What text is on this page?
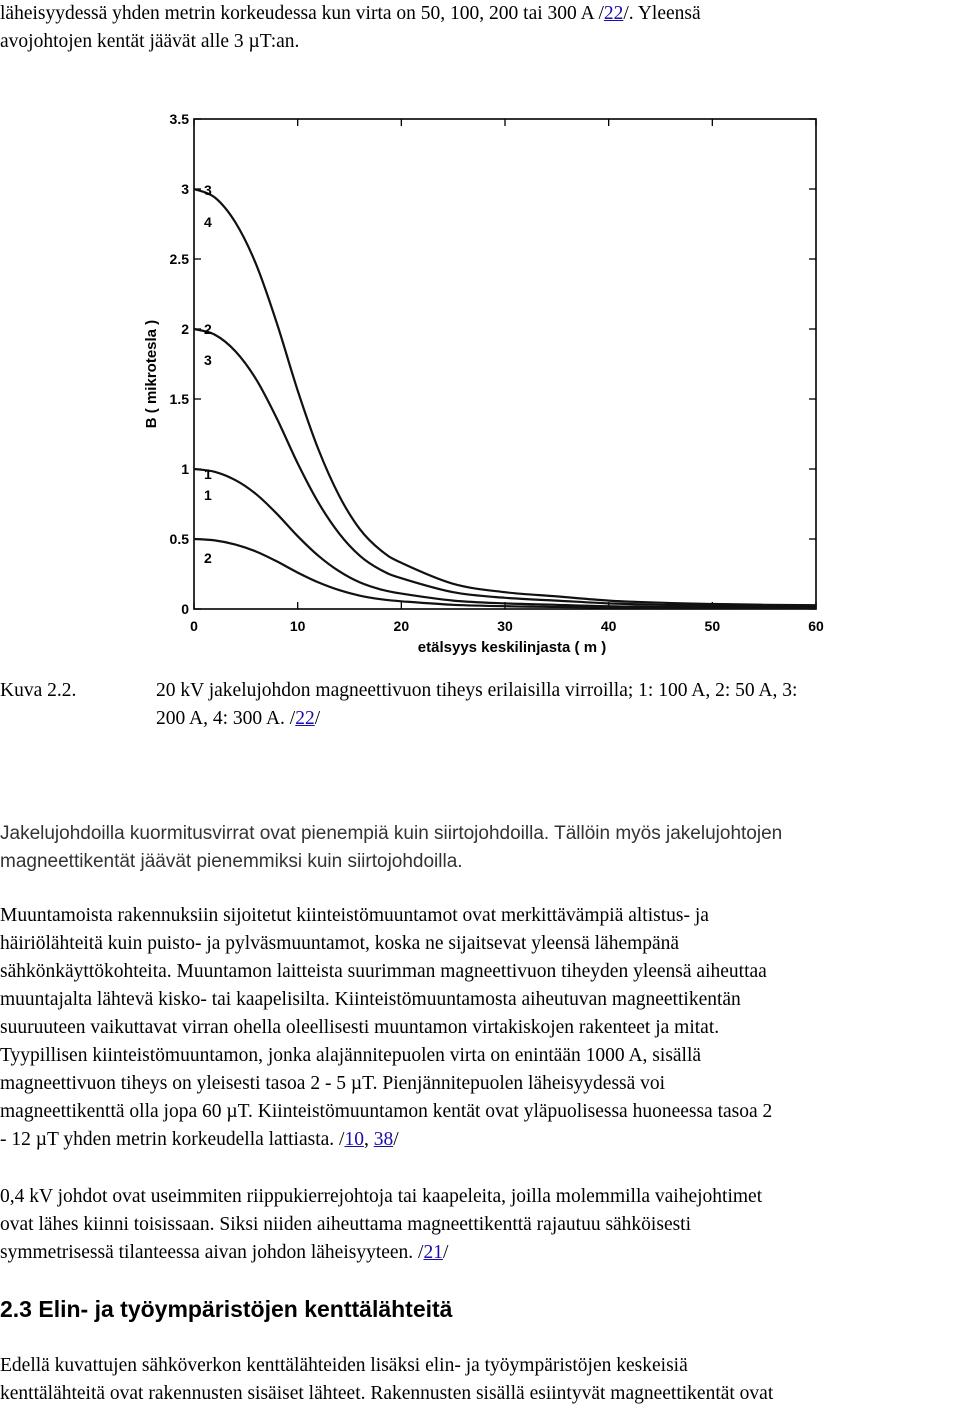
läheisyydessä yhden metrin korkeudessa kun virta on 50, 100, 200 tai 300 A /22/. Yleensä
avojohtojen kentät jäävät alle 3 µT:an.
0
0.5
1
1.5
2
2.5
3
3.5
0	10	20	30	40	50	60
3
4
2
3
1
1
2
B ( mikrotesla )
etälsyys keskilinjasta ( m )
Kuva 2.2.	20 kV jakelujohdon magneettivuon tiheys erilaisilla virroilla; 1: 100 A, 2: 50 A, 3:
200 A, 4: 300 A. /22/
Jakelujohdoilla kuormitusvirrat ovat pienempiä kuin siirtojohdoilla. Tällöin myös jakelujohtojen
magneettikentät jäävät pienemmiksi kuin siirtojohdoilla.
Muuntamoista rakennuksiin sijoitetut kiinteistömuuntamot ovat merkittävämpiä altistus- ja
häiriölähteitä kuin puisto- ja pylväsmuuntamot, koska ne sijaitsevat yleensä lähempänä
sähkönkäyttökohteita. Muuntamon laitteista suurimman magneettivuon tiheyden yleensä aiheuttaa
muuntajalta lähtevä kisko- tai kaapelisilta. Kiinteistömuuntamosta aiheutuvan magneettikentän
suuruuteen vaikuttavat virran ohella oleellisesti muuntamon virtakiskojen rakenteet ja mitat.
Tyypillisen kiinteistömuuntamon, jonka alajännitepuolen virta on enintään 1000 A, sisällä
magneettivuon tiheys on yleisesti tasoa 2 - 5 µT. Pienjännitepuolen läheisyydessä voi
magneettikenttä olla jopa 60 µT. Kiinteistömuuntamon kentät ovat yläpuolisessa huoneessa tasoa 2
- 12 µT yhden metrin korkeudella lattiasta. /10, 38/
0,4 kV johdot ovat useimmiten riippukierrejohtoja tai kaapeleita, joilla molemmilla vaihejohtimet
ovat lähes kiinni toisissaan. Siksi niiden aiheuttama magneettikenttä rajautuu sähköisesti
symmetrisessä tilanteessa aivan johdon läheisyyteen. /21/
2.3 Elin- ja työympäristöjen kenttälähteitä
Edellä kuvattujen sähköverkon kenttälähteiden lisäksi elin- ja työympäristöjen keskeisiä
kenttälähteitä ovat rakennusten sisäiset lähteet. Rakennusten sisällä esiintyvät magneettikentät ovat
